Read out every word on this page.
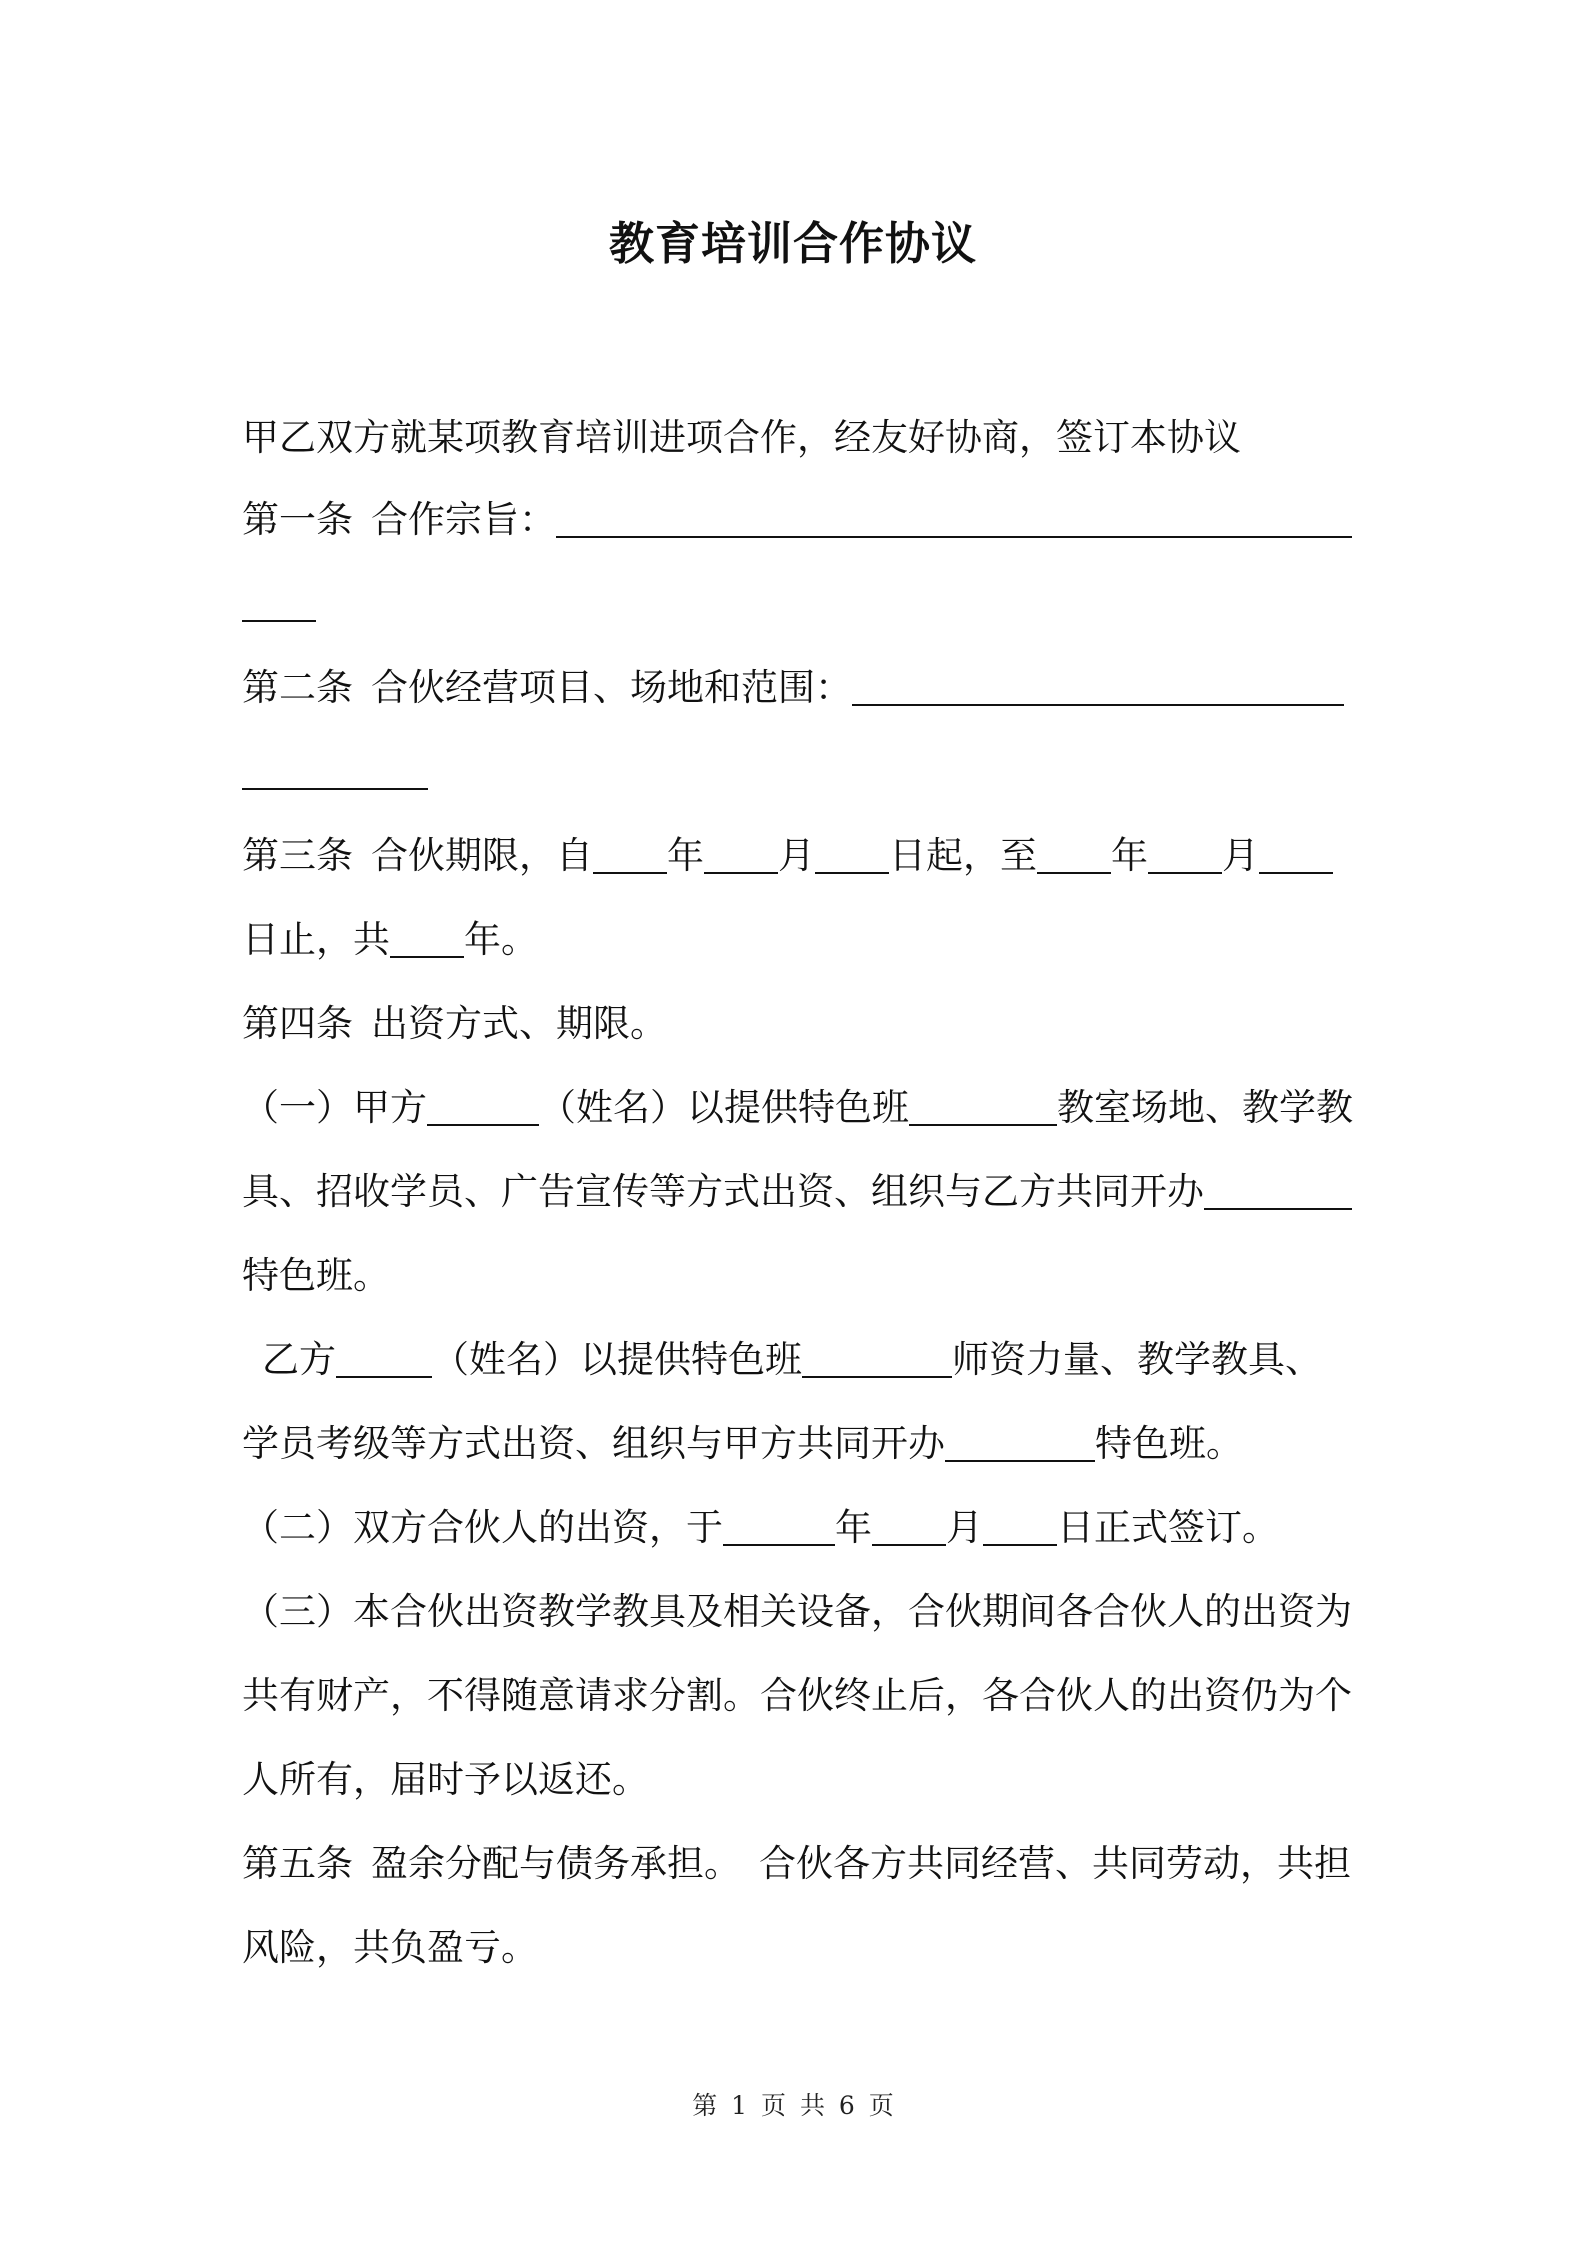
教育培训合作协议

甲乙双方就某项教育培训进项合作，经友好协商，签订本协议

第一条 合作宗旨：

第二条 合伙经营项目、场地和范围：

第三条 合伙期限，自 年 月 日起，至 年 月

日止，共 年。

第四条 出资方式、期限。

（一）甲方	（姓名）以提供特色班	教室场地、教学教

具、招收学员、广告宣传等方式出资、组织与乙方共同开办

特色班。

乙方	（姓名）以提供特色班	师资力量、教学教具、

学员考级等方式出资、组织与甲方共同开办	特色班。

（二）双方合伙人的出资，于	年 月 日正式签订。

（三）本合伙出资教学教具及相关设备，合伙期间各合伙人的出资为

共有财产，不得随意请求分割。合伙终止后，各合伙人的出资仍为个

人所有，届时予以返还。

第五条 盈余分配与债务承担。 合伙各方共同经营、共同劳动，共担

风险，共负盈亏。

第 1 页 共 6 页
